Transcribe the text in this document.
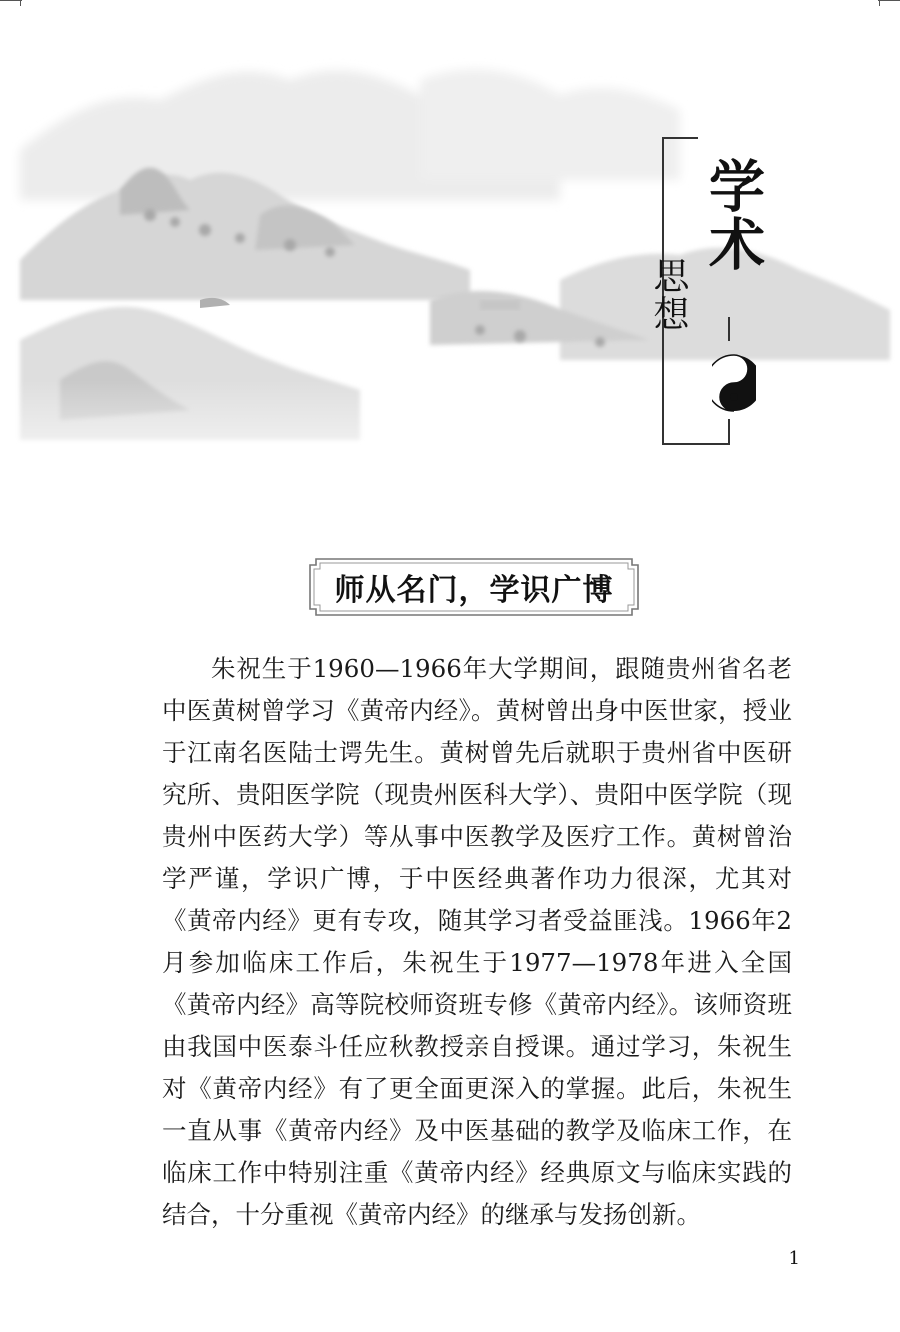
学术
思想
师从名门，学识广博

朱祝生于1960—1966年大学期间，跟随贵州省名老中医黄树曾学习《黄帝内经》。黄树曾出身中医世家，授业于江南名医陆士谔先生。黄树曾先后就职于贵州省中医研究所、贵阳医学院（现贵州医科大学）、贵阳中医学院（现贵州中医药大学）等从事中医教学及医疗工作。黄树曾治学严谨，学识广博，于中医经典著作功力很深，尤其对《黄帝内经》更有专攻，随其学习者受益匪浅。1966年2月参加临床工作后，朱祝生于1977—1978年进入全国《黄帝内经》高等院校师资班专修《黄帝内经》。该师资班由我国中医泰斗任应秋教授亲自授课。通过学习，朱祝生对《黄帝内经》有了更全面更深入的掌握。此后，朱祝生一直从事《黄帝内经》及中医基础的教学及临床工作，在临床工作中特别注重《黄帝内经》经典原文与临床实践的结合，十分重视《黄帝内经》的继承与发扬创新。

1
